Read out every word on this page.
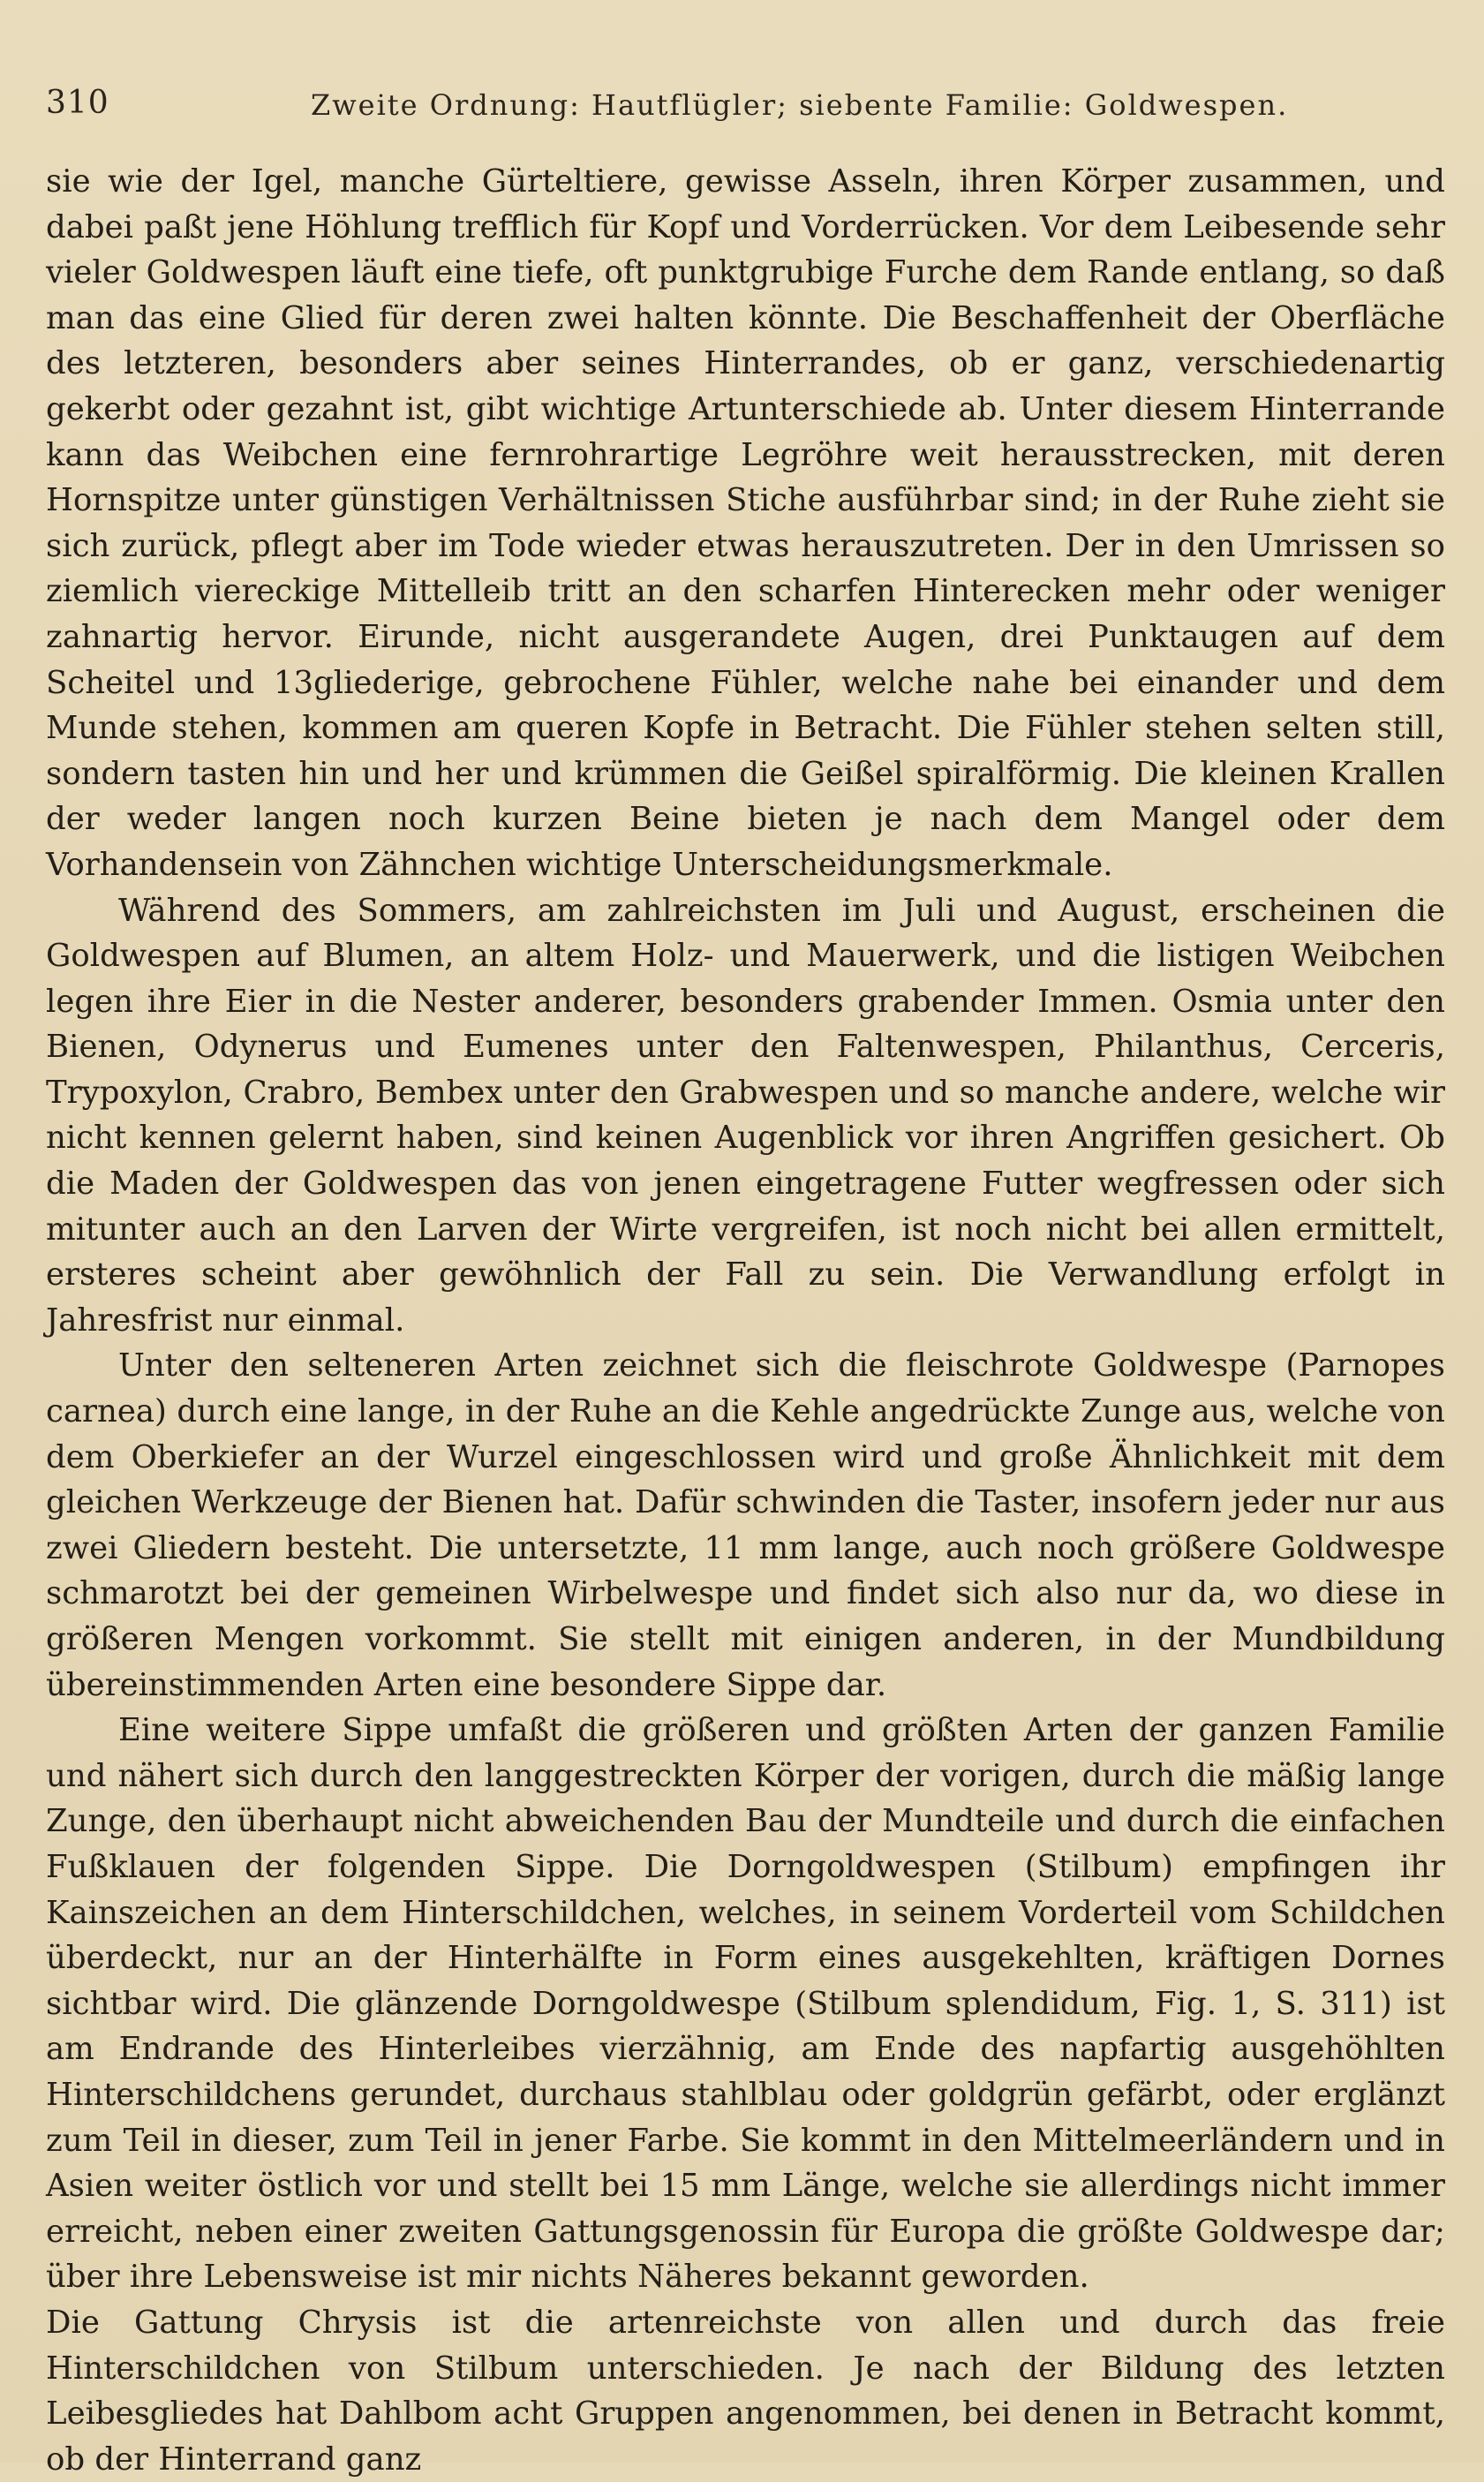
310	Zweite Ordnung: Hautflügler; siebente Familie: Goldwespen.

sie wie der Igel, manche Gürteltiere, gewisse Asseln, ihren Körper zusammen, und dabei paßt jene Höhlung trefflich für Kopf und Vorderrücken. Vor dem Leibesende sehr vieler Goldwespen läuft eine tiefe, oft punktgrubige Furche dem Rande entlang, so daß man das eine Glied für deren zwei halten könnte. Die Beschaffenheit der Oberfläche des letzteren, besonders aber seines Hinterrandes, ob er ganz, verschiedenartig gekerbt oder gezahnt ist, gibt wichtige Artunterschiede ab. Unter diesem Hinterrande kann das Weibchen eine fernrohrartige Legröhre weit herausstrecken, mit deren Hornspitze unter günstigen Verhältnissen Stiche ausführbar sind; in der Ruhe zieht sie sich zurück, pflegt aber im Tode wieder etwas herauszutreten. Der in den Umrissen so ziemlich viereckige Mittelleib tritt an den scharfen Hinterecken mehr oder weniger zahnartig hervor. Eirunde, nicht ausgerandete Augen, drei Punktaugen auf dem Scheitel und 13gliederige, gebrochene Fühler, welche nahe bei einander und dem Munde stehen, kommen am queren Kopfe in Betracht. Die Fühler stehen selten still, sondern tasten hin und her und krümmen die Geißel spiralförmig. Die kleinen Krallen der weder langen noch kurzen Beine bieten je nach dem Mangel oder dem Vorhandensein von Zähnchen wichtige Unterscheidungsmerkmale.

Während des Sommers, am zahlreichsten im Juli und August, erscheinen die Goldwespen auf Blumen, an altem Holz- und Mauerwerk, und die listigen Weibchen legen ihre Eier in die Nester anderer, besonders grabender Immen. Osmia unter den Bienen, Odynerus und Eumenes unter den Faltenwespen, Philanthus, Cerceris, Trypoxylon, Crabro, Bembex unter den Grabwespen und so manche andere, welche wir nicht kennen gelernt haben, sind keinen Augenblick vor ihren Angriffen gesichert. Ob die Maden der Goldwespen das von jenen eingetragene Futter wegfressen oder sich mitunter auch an den Larven der Wirte vergreifen, ist noch nicht bei allen ermittelt, ersteres scheint aber gewöhnlich der Fall zu sein. Die Verwandlung erfolgt in Jahresfrist nur einmal.

Unter den selteneren Arten zeichnet sich die fleischrote Goldwespe (Parnopes carnea) durch eine lange, in der Ruhe an die Kehle angedrückte Zunge aus, welche von dem Oberkiefer an der Wurzel eingeschlossen wird und große Ähnlichkeit mit dem gleichen Werkzeuge der Bienen hat. Dafür schwinden die Taster, insofern jeder nur aus zwei Gliedern besteht. Die untersetzte, 11 mm lange, auch noch größere Goldwespe schmarotzt bei der gemeinen Wirbelwespe und findet sich also nur da, wo diese in größeren Mengen vorkommt. Sie stellt mit einigen anderen, in der Mundbildung übereinstimmenden Arten eine besondere Sippe dar.

Eine weitere Sippe umfaßt die größeren und größten Arten der ganzen Familie und nähert sich durch den langgestreckten Körper der vorigen, durch die mäßig lange Zunge, den überhaupt nicht abweichenden Bau der Mundteile und durch die einfachen Fußklauen der folgenden Sippe. Die Dorngoldwespen (Stilbum) empfingen ihr Kainszeichen an dem Hinterschildchen, welches, in seinem Vorderteil vom Schildchen überdeckt, nur an der Hinterhälfte in Form eines ausgekehlten, kräftigen Dornes sichtbar wird. Die glänzende Dorngoldwespe (Stilbum splendidum, Fig. 1, S. 311) ist am Endrande des Hinterleibes vierzähnig, am Ende des napfartig ausgehöhlten Hinterschildchens gerundet, durchaus stahlblau oder goldgrün gefärbt, oder erglänzt zum Teil in dieser, zum Teil in jener Farbe. Sie kommt in den Mittelmeerländern und in Asien weiter östlich vor und stellt bei 15 mm Länge, welche sie allerdings nicht immer erreicht, neben einer zweiten Gattungsgenossin für Europa die größte Goldwespe dar; über ihre Lebensweise ist mir nichts Näheres bekannt geworden.

Die Gattung Chrysis ist die artenreichste von allen und durch das freie Hinterschildchen von Stilbum unterschieden. Je nach der Bildung des letzten Leibesgliedes hat Dahlbom acht Gruppen angenommen, bei denen in Betracht kommt, ob der Hinterrand ganz
